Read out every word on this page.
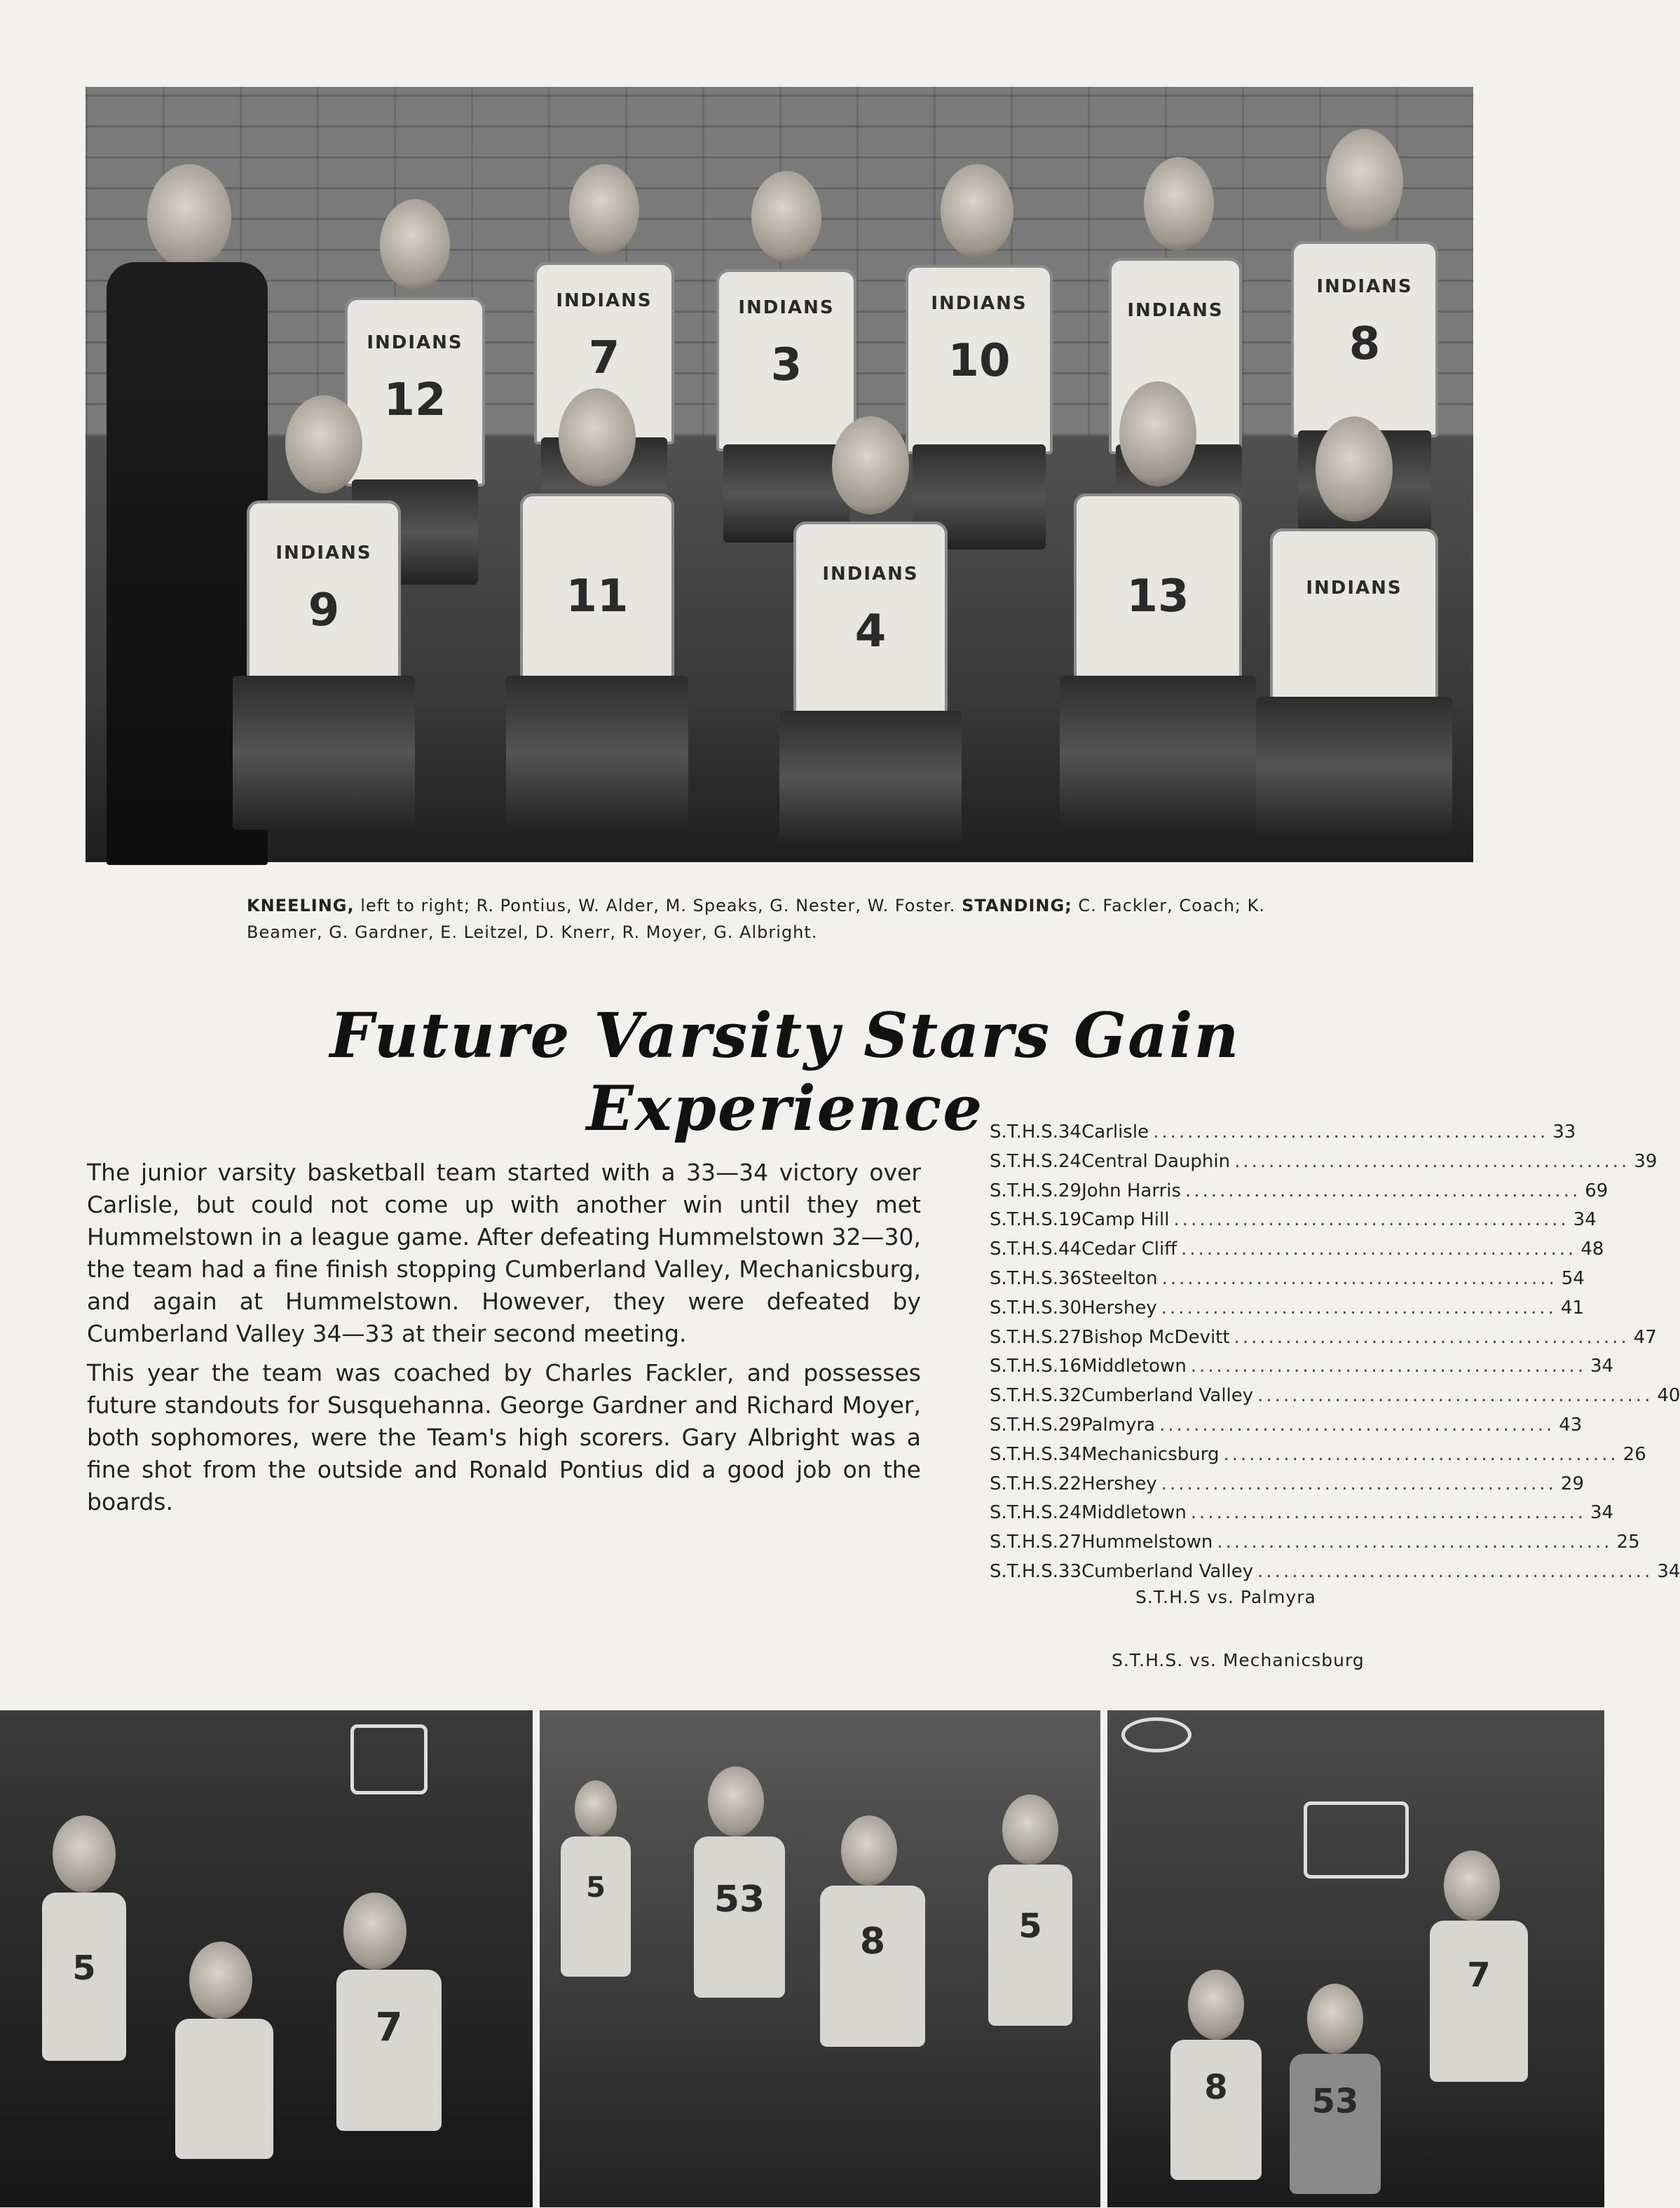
INDIANS
12
INDIANS
7
INDIANS
3
INDIANS
10
INDIANS
INDIANS
8
INDIANS
9	11	INDIANS
4
13	INDIANS
KNEELING, left to right; R. Pontius, W. Alder, M. Speaks, G. Nester, W. Foster. STANDING; C. Fackler, Coach; K. Beamer, G. Gardner, E. Leitzel, D. Knerr, R. Moyer, G. Albright.
Future Varsity Stars Gain Experience

The junior varsity basketball team started with a 33—34 victory over Carlisle, but could not come up with another win until they met Hummelstown in a league game. After defeating Hummelstown 32—30, the team had a fine finish stopping Cumberland Valley, Mechanicsburg, and again at Hummelstown. However, they were defeated by Cumberland Valley 34—33 at their second meeting.

This year the team was coached by Charles Fackler, and possesses future standouts for Susquehanna. George Gardner and Richard Moyer, both sophomores, were the Team's high scorers. Gary Albright was a fine shot from the outside and Ronald Pontius did a good job on the boards.

S.T.H.S. 34 Carlisle .............................................. 33
S.T.H.S. 24 Central Dauphin .............................................. 39
S.T.H.S. 29 John Harris .............................................. 69
S.T.H.S. 19 Camp Hill .............................................. 34
S.T.H.S. 44 Cedar Cliff .............................................. 48
S.T.H.S. 36 Steelton .............................................. 54
S.T.H.S. 30 Hershey .............................................. 41
S.T.H.S. 27 Bishop McDevitt .............................................. 47
S.T.H.S. 16 Middletown .............................................. 34
S.T.H.S. 32 Cumberland Valley .............................................. 40
S.T.H.S. 29 Palmyra .............................................. 43
S.T.H.S. 34 Mechanicsburg .............................................. 26
S.T.H.S. 22 Hershey .............................................. 29
S.T.H.S. 24 Middletown .............................................. 34
S.T.H.S. 27 Hummelstown .............................................. 25
S.T.H.S. 33 Cumberland Valley .............................................. 34
S.T.H.S vs. Palmyra
S.T.H.S. vs. Mechanicsburg
5
7
5	53
8	5
7
8	53
